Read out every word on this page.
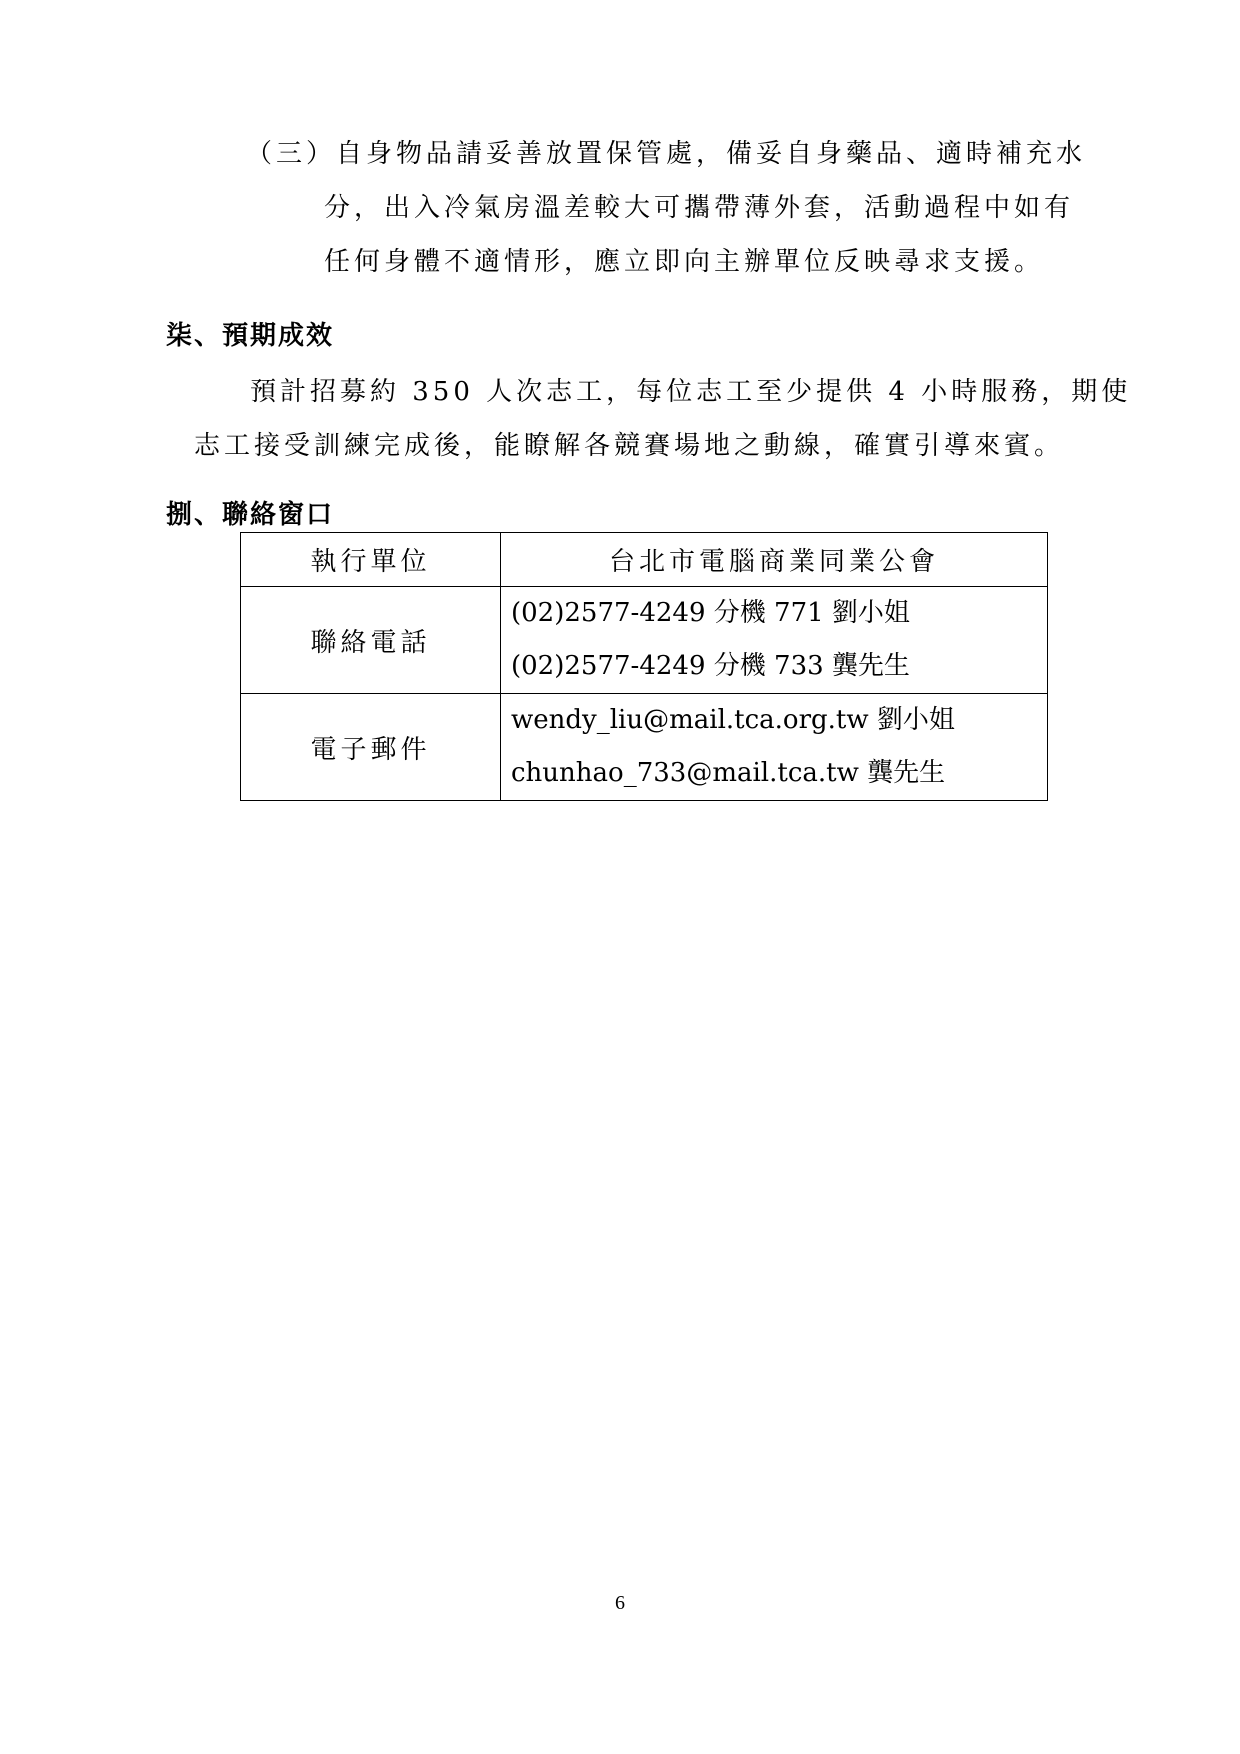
（三）自身物品請妥善放置保管處，備妥自身藥品、適時補充水
分，出入冷氣房溫差較大可攜帶薄外套，活動過程中如有
任何身體不適情形，應立即向主辦單位反映尋求支援。
柒、預期成效
預計招募約 350 人次志工，每位志工至少提供 4 小時服務，期使
志工接受訓練完成後，能瞭解各競賽場地之動線，確實引導來賓。
捌、聯絡窗口
執行單位	台北市電腦商業同業公會
聯絡電話	(02)2577-4249 分機 771 劉小姐
(02)2577-4249 分機 733 龔先生

電子郵件	wendy_liu@mail.tca.org.tw 劉小姐
chunhao_733@mail.tca.tw 龔先生
6
